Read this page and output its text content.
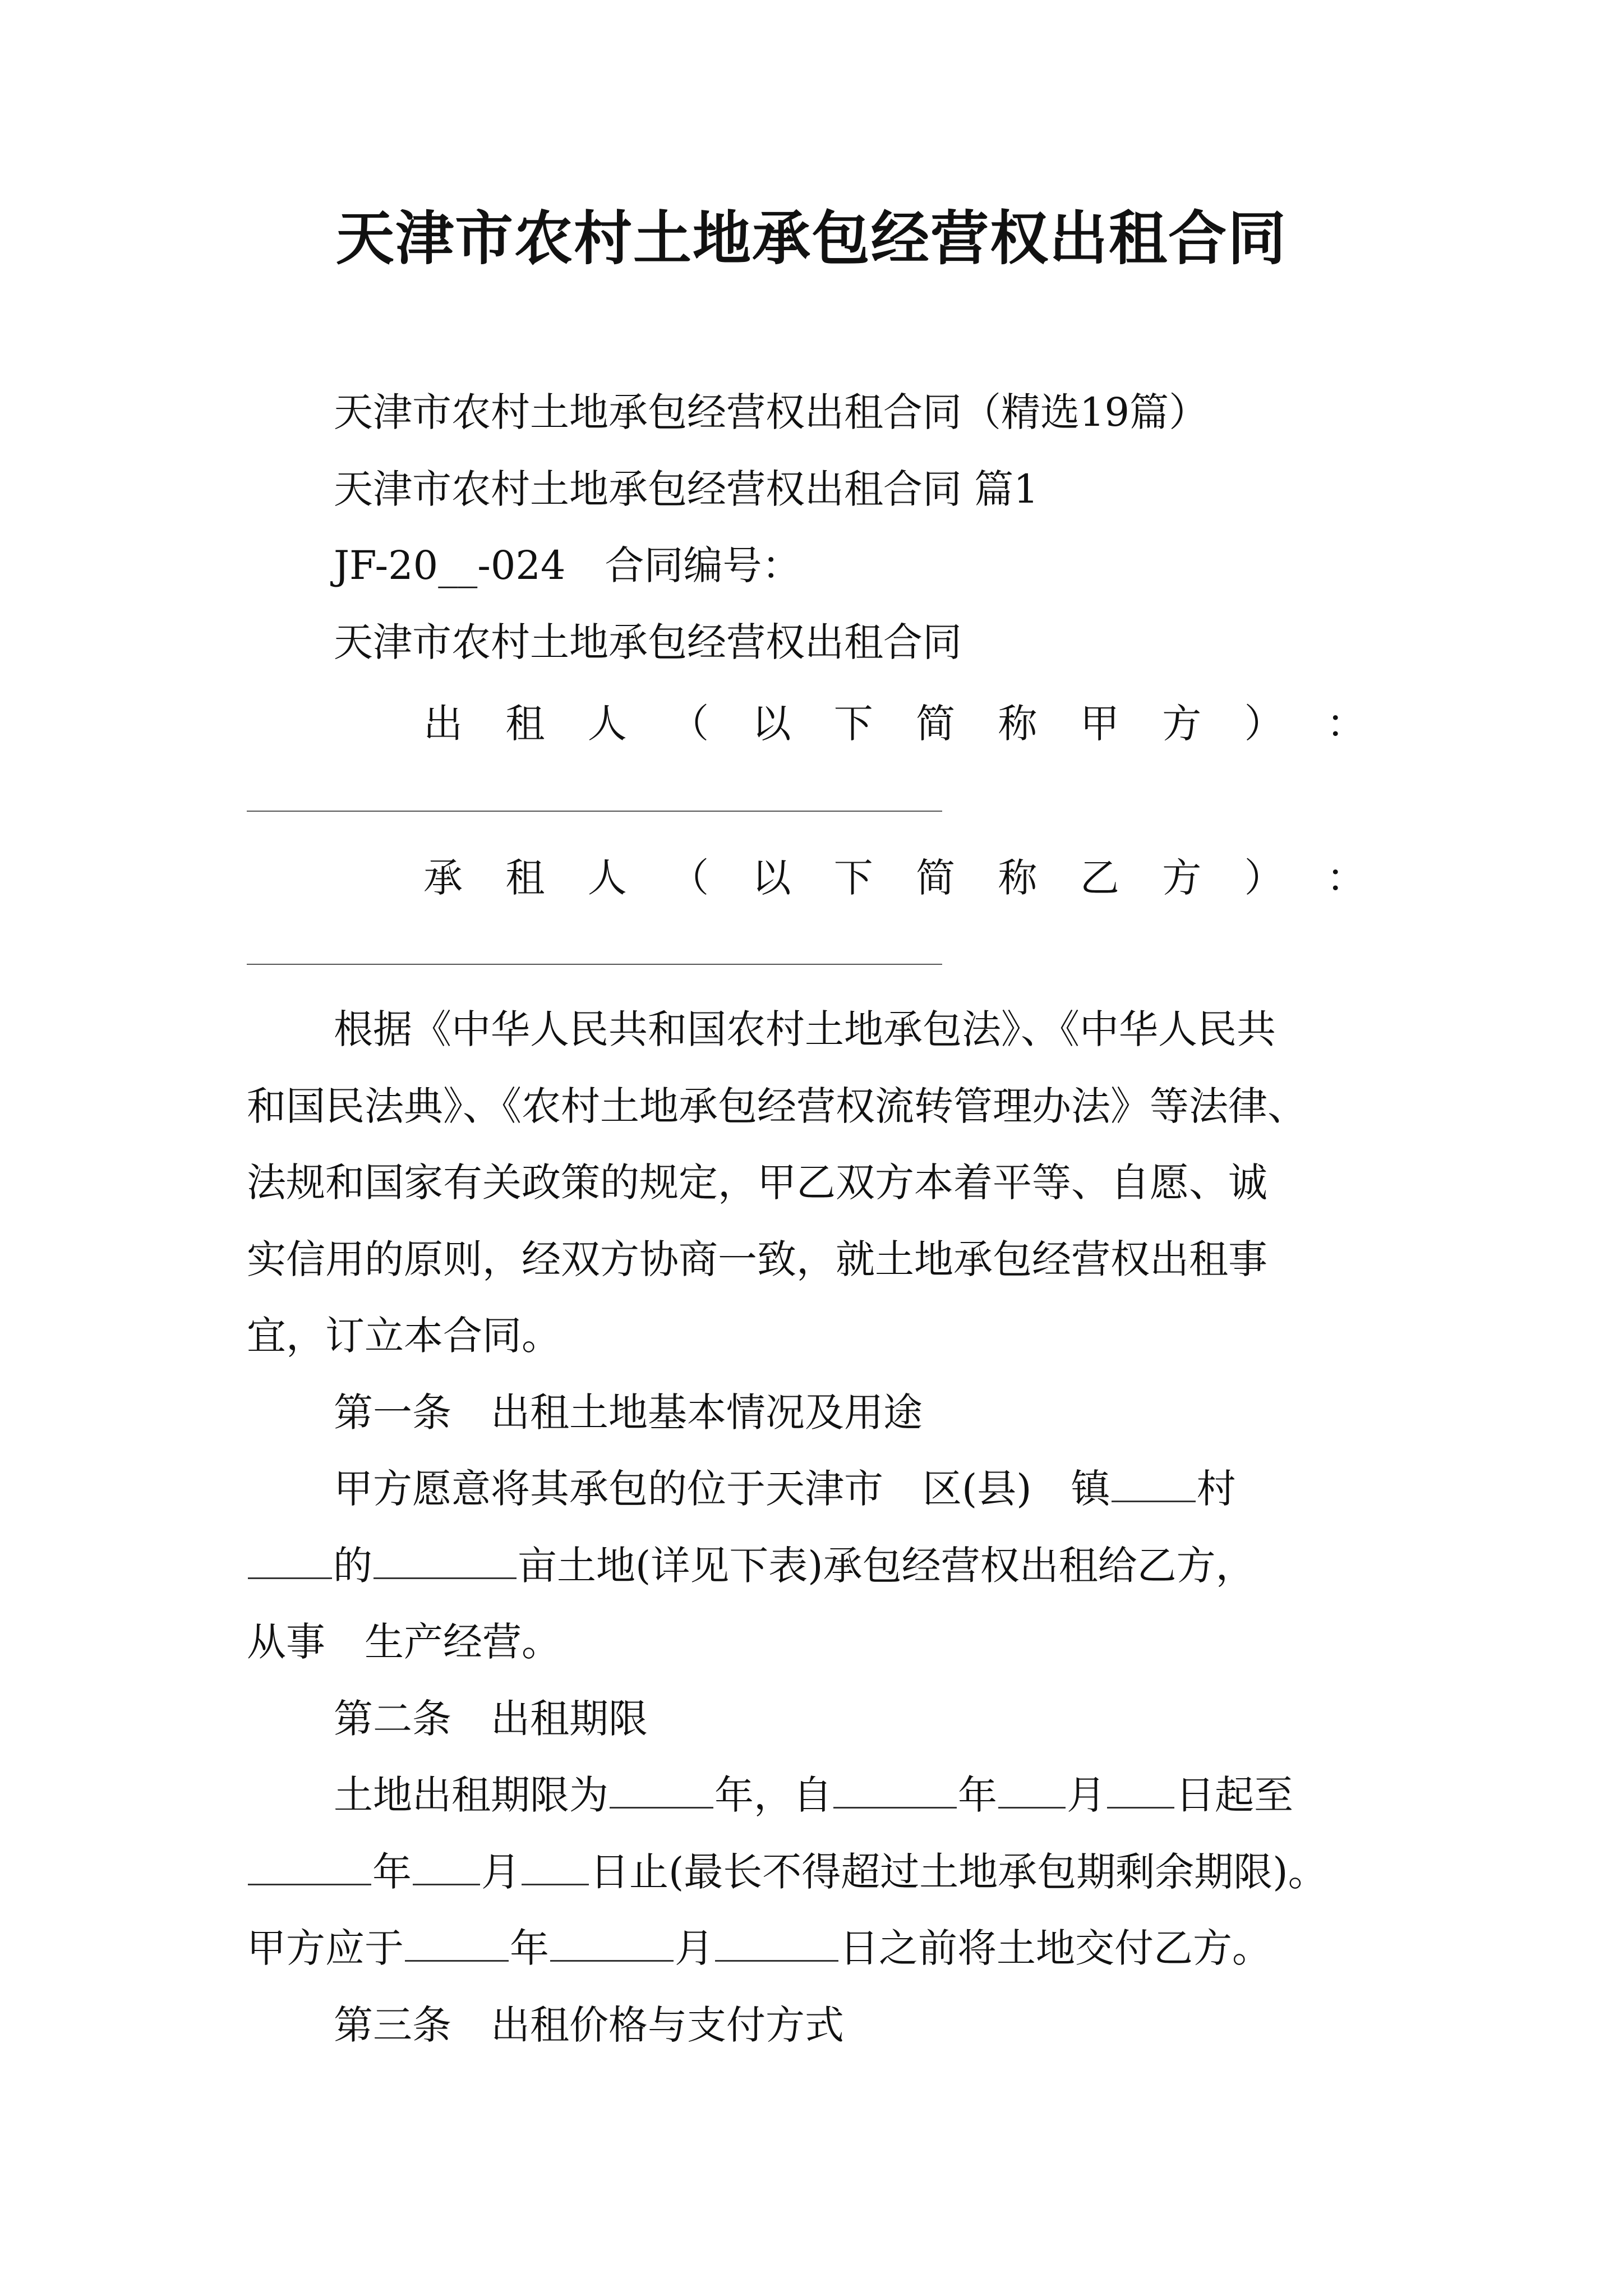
天津市农村土地承包经营权出租合同
天津市农村土地承包经营权出租合同（精选19篇）
天津市农村土地承包经营权出租合同 篇1
JF-20__-024　合同编号：
天津市农村土地承包经营权出租合同
出 租 人 （ 以 下 简 称 甲 方 ） ：
承 租 人 （ 以 下 简 称 乙 方 ） ：
根据《中华人民共和国农村土地承包法》、《中华人民共
和国民法典》、《农村土地承包经营权流转管理办法》等法律、
法规和国家有关政策的规定，甲乙双方本着平等、自愿、诚
实信用的原则，经双方协商一致，就土地承包经营权出租事
宜，订立本合同。
第一条　出租土地基本情况及用途
甲方愿意将其承包的位于天津市　区(县)　镇 村
的	亩土地(详见下表)承包经营权出租给乙方，
从事　生产经营。
第二条　出租期限
土地出租期限为	年，自	年 月 日起至
年 月 日止(最长不得超过土地承包期剩余期限)。
甲方应于	年	月	日之前将土地交付乙方。
第三条　出租价格与支付方式
